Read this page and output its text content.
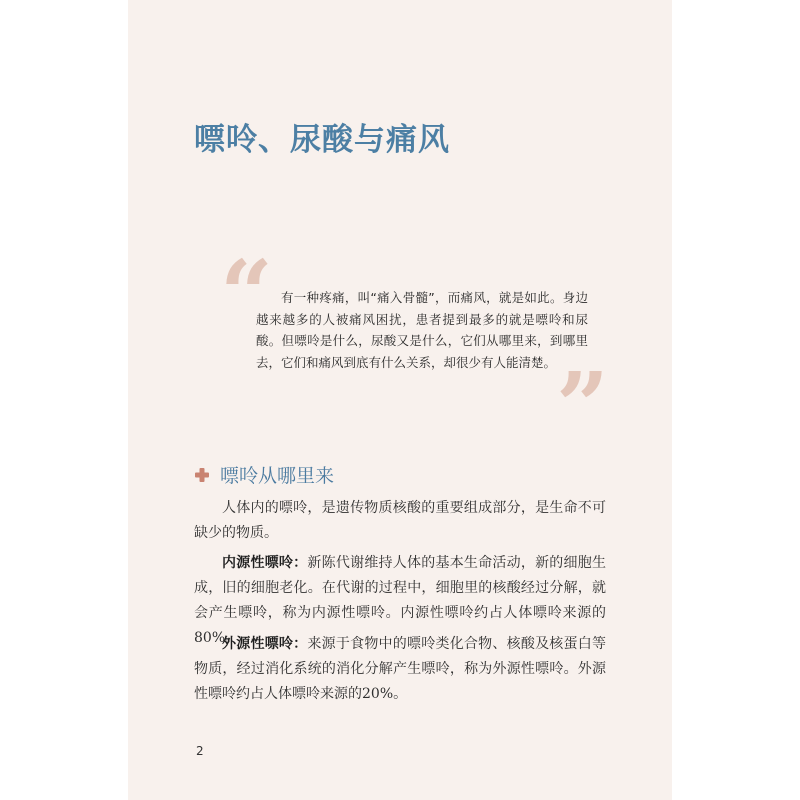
嘌呤、尿酸与痛风
“ 有一种疼痛，叫“痛入骨髓”，而痛风，就是如此。身边越来越多的人被痛风困扰，患者提到最多的就是嘌呤和尿酸。但嘌呤是什么，尿酸又是什么，它们从哪里来，到哪里去，它们和痛风到底有什么关系，却很少有人能清楚。 ”
嘌呤从哪里来

人体内的嘌呤，是遗传物质核酸的重要组成部分，是生命不可缺少的物质。

内源性嘌呤：新陈代谢维持人体的基本生命活动，新的细胞生成，旧的细胞老化。在代谢的过程中，细胞里的核酸经过分解，就会产生嘌呤，称为内源性嘌呤。内源性嘌呤约占人体嘌呤来源的80%。

外源性嘌呤：来源于食物中的嘌呤类化合物、核酸及核蛋白等物质，经过消化系统的消化分解产生嘌呤，称为外源性嘌呤。外源性嘌呤约占人体嘌呤来源的20%。

2
